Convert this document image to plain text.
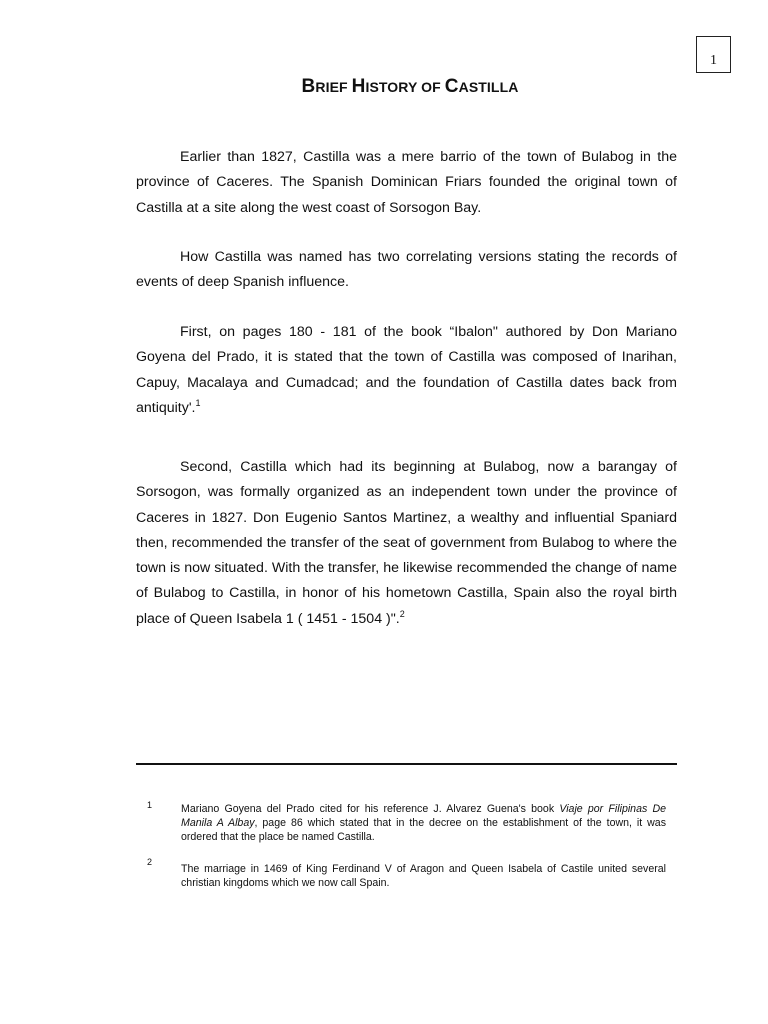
1
BRIEF HISTORY OF CASTILLA

Earlier than 1827, Castilla was a mere barrio of the town of Bulabog in the province of Caceres. The Spanish Dominican Friars founded the original town of Castilla at a site along the west coast of Sorsogon Bay.

How Castilla was named has two correlating versions stating the records of events of deep Spanish influence.

First, on pages 180 - 181 of the book “Ibalon" authored by Don Mariano Goyena del Prado, it is stated that the town of Castilla was composed of Inarihan, Capuy, Macalaya and Cumadcad; and the foundation of Castilla dates back from antiquity'.$^1$

Second, Castilla which had its beginning at Bulabog, now a barangay of Sorsogon, was formally organized as an independent town under the province of Caceres in 1827. Don Eugenio Santos Martinez, a wealthy and influential Spaniard then, recommended the transfer of the seat of government from Bulabog to where the town is now situated. With the transfer, he likewise recommended the change of name of Bulabog to Castilla, in honor of his hometown Castilla, Spain also the royal birth place of Queen Isabela 1 ( 1451 - 1504 )".$^2$

1	Mariano Goyena del Prado cited for his reference J. Alvarez Guena's book Viaje por Filipinas De Manila A Albay, page 86 which stated that in the decree on the establishment of the town, it was ordered that the place be named Castilla.

2

The marriage in 1469 of King Ferdinand V of Aragon and Queen Isabela of Castile united several christian kingdoms which we now call Spain.
